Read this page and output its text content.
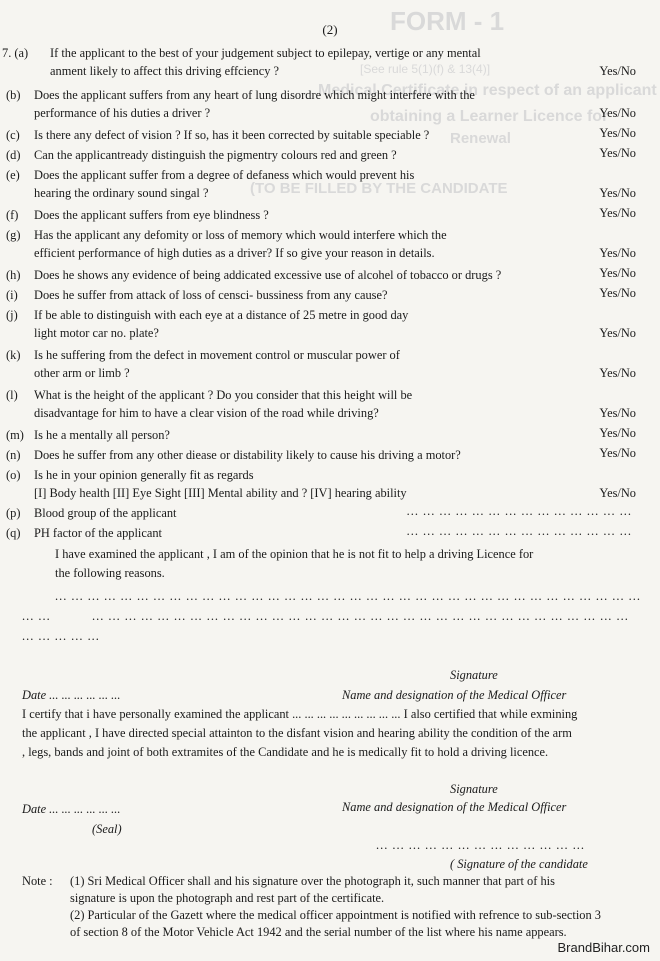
FORM - 1
[See rule 5(1)(f) & 13(4)]
Medical Certificate in respect of an applicant
obtaining a Learner Licence for
Renewal
(TO BE FILLED BY THE CANDIDATE
(2)
7. (a) If the applicant to the best of your judgement subject to epilepay, vertige or any mental
anment likely to affect this driving effciency ?	Yes/No
(b) Does the applicant suffers from any heart of lung disordre which might interfere with the
performance of his duties a driver ?	Yes/No
(c) Is there any defect of vision ? If so, has it been corrected by suitable speciable ?	Yes/No
(d) Can the applicantready distinguish the pigmentry colours red and green ?	Yes/No
(e) Does the applicant suffer from a degree of defaness which would prevent his
hearing the ordinary sound singal ?	Yes/No
(f) Does the applicant suffers from eye blindness ?	Yes/No
(g) Has the applicant any defomity or loss of memory which would interfere which the
efficient performance of high duties as a driver? If so give your reason in details.	Yes/No
(h) Does he shows any evidence of being addicated excessive use of alcohel of tobacco or drugs ?	Yes/No
(i) Does he suffer from attack of loss of censci- bussiness from any cause?	Yes/No
(j) If be able to distinguish with each eye at a distance of 25 metre in good day
light motor car no. plate?	Yes/No
(k) Is he suffering from the defect in movement control or muscular power of
other arm or limb ?	Yes/No
(l) What is the height of the applicant ? Do you consider that this height will be
disadvantage for him to have a clear vision of the road while driving?	Yes/No
(m) Is he a mentally all person?	Yes/No
(n) Does he suffer from any other diease or distability likely to cause his driving a motor?	Yes/No
(o) Is he in your opinion generally fit as regards
[I] Body health [II] Eye Sight [III] Mental ability and ? [IV] hearing ability	Yes/No
(p) Blood group of the applicant	... ... ... ... ... ... ... ... ... ... ... ... ... ...
(q) PH factor of the applicant	... ... ... ... ... ... ... ... ... ... ... ... ... ...
I have examined the applicant , I am of the opinion that he is not fit to help a driving Licence for
the following reasons.
... ... ... ... ... ... ... ... ... ... ... ... ... ... ... ... ... ... ... ... ... ... ... ... ... ... ... ... ... ... ... ... ... ... ... ...
... ...	... ... ... ... ... ... ... ... ... ... ... ... ... ... ... ... ... ... ... ... ... ... ... ... ... ... ... ... ... ... ... ... ...
... ... ... ... ...
Signature
Date ... ... ... ... ... ...	Name and designation of the Medical Officer
I certify that i have personally examined the applicant ... ... ... ... ... ... ... ... ... I also certified that while exmining
the applicant , I have directed special attainton to the disfant vision and hearing ability the condition of the arm
, legs, bands and joint of both extramites of the Candidate and he is medically fit to hold a driving licence.
Signature
Date ... ... ... ... ... ...	Name and designation of the Medical Officer
(Seal)
... ... ... ... ... ... ... ... ... ... ... ... ...
( Signature of the candidate
Note : (1) Sri Medical Officer shall and his signature over the photograph it, such manner that part of his
signature is upon the photograph and rest part of the certificate.
(2) Particular of the Gazett where the medical officer appointment is notified with refrence to sub-section 3
of section 8 of the Motor Vehicle Act 1942 and the serial number of the list where his name appears.
BrandBihar.com
